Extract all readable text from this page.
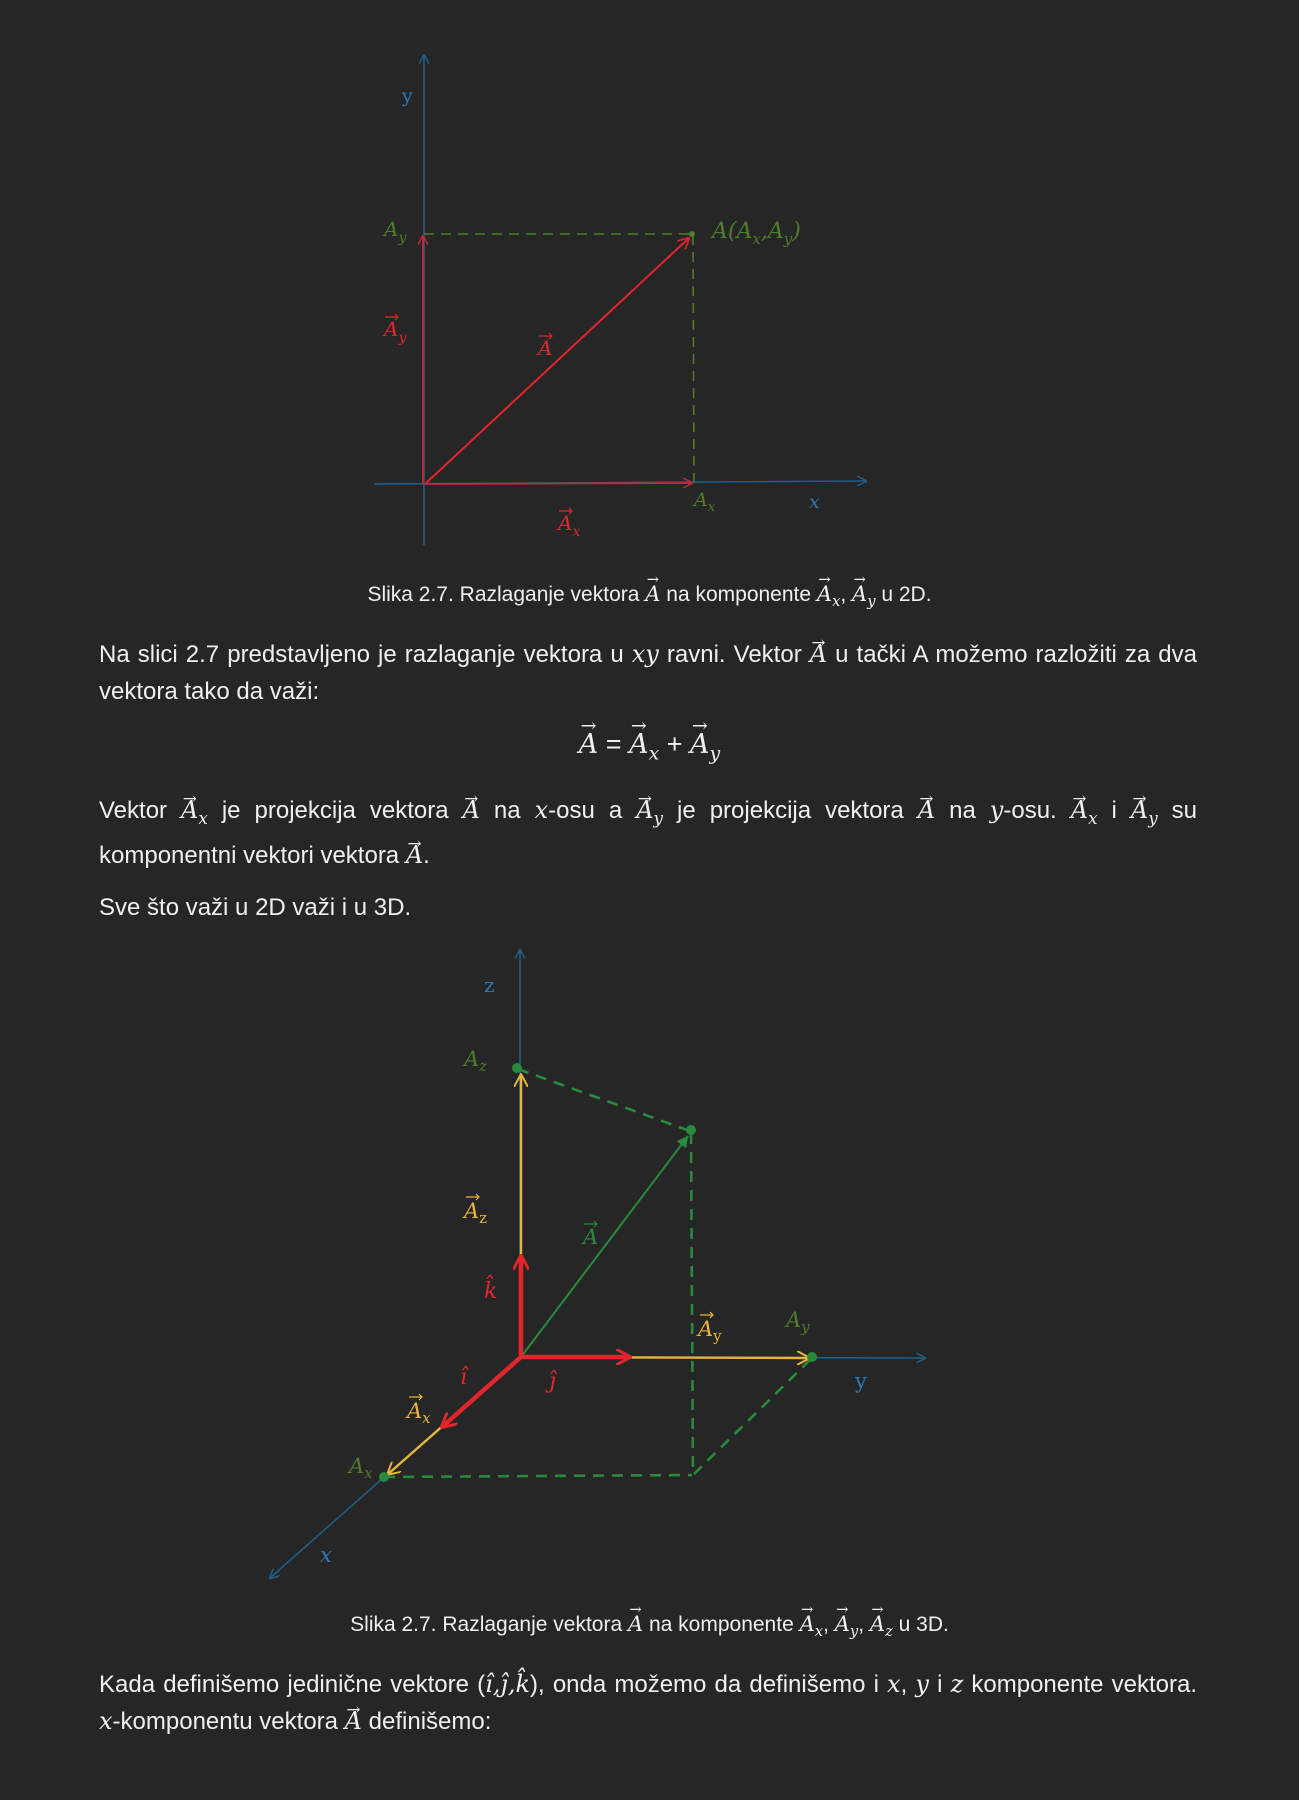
y
x
$A_y$	$A(A_x,A_y)$
$A_y$	A
$A_x$
$A_x$
Slika 2.7. Razlaganje vektora → A na komponente → $A_x$, → $A_y$ u 2D.
Na slici 2.7 predstavljeno je razlaganje vektora u xy ravni. Vektor → A u tački A možemo razložiti za dva vektora tako da važi:
→ A = → $A_x$ + → $A_y$
Vektor → $A_x$ je projekcija vektora → A na x-osu $a \to A_y$ je projekcija vektora → A na y-osu. → $A_x$ $i \to A_y$ su komponentni vektori vektora → A.
Sve što važi u 2D važi i u 3D.
z
y
x
$A_z$
$A_z$
A
k̂
î	ĵ
$A_y$
$A_y$
$A_x$
$A_x$
Slika 2.7. Razlaganje vektora → A na komponente → $A_x$, → $A_y$, → $A_z$ u 3D.
Kada definišemo jedinične vektore (î,ĵ,k̂), onda možemo da definišemo i x, y i z komponente vektora. x-komponentu vektora → A definišemo:
